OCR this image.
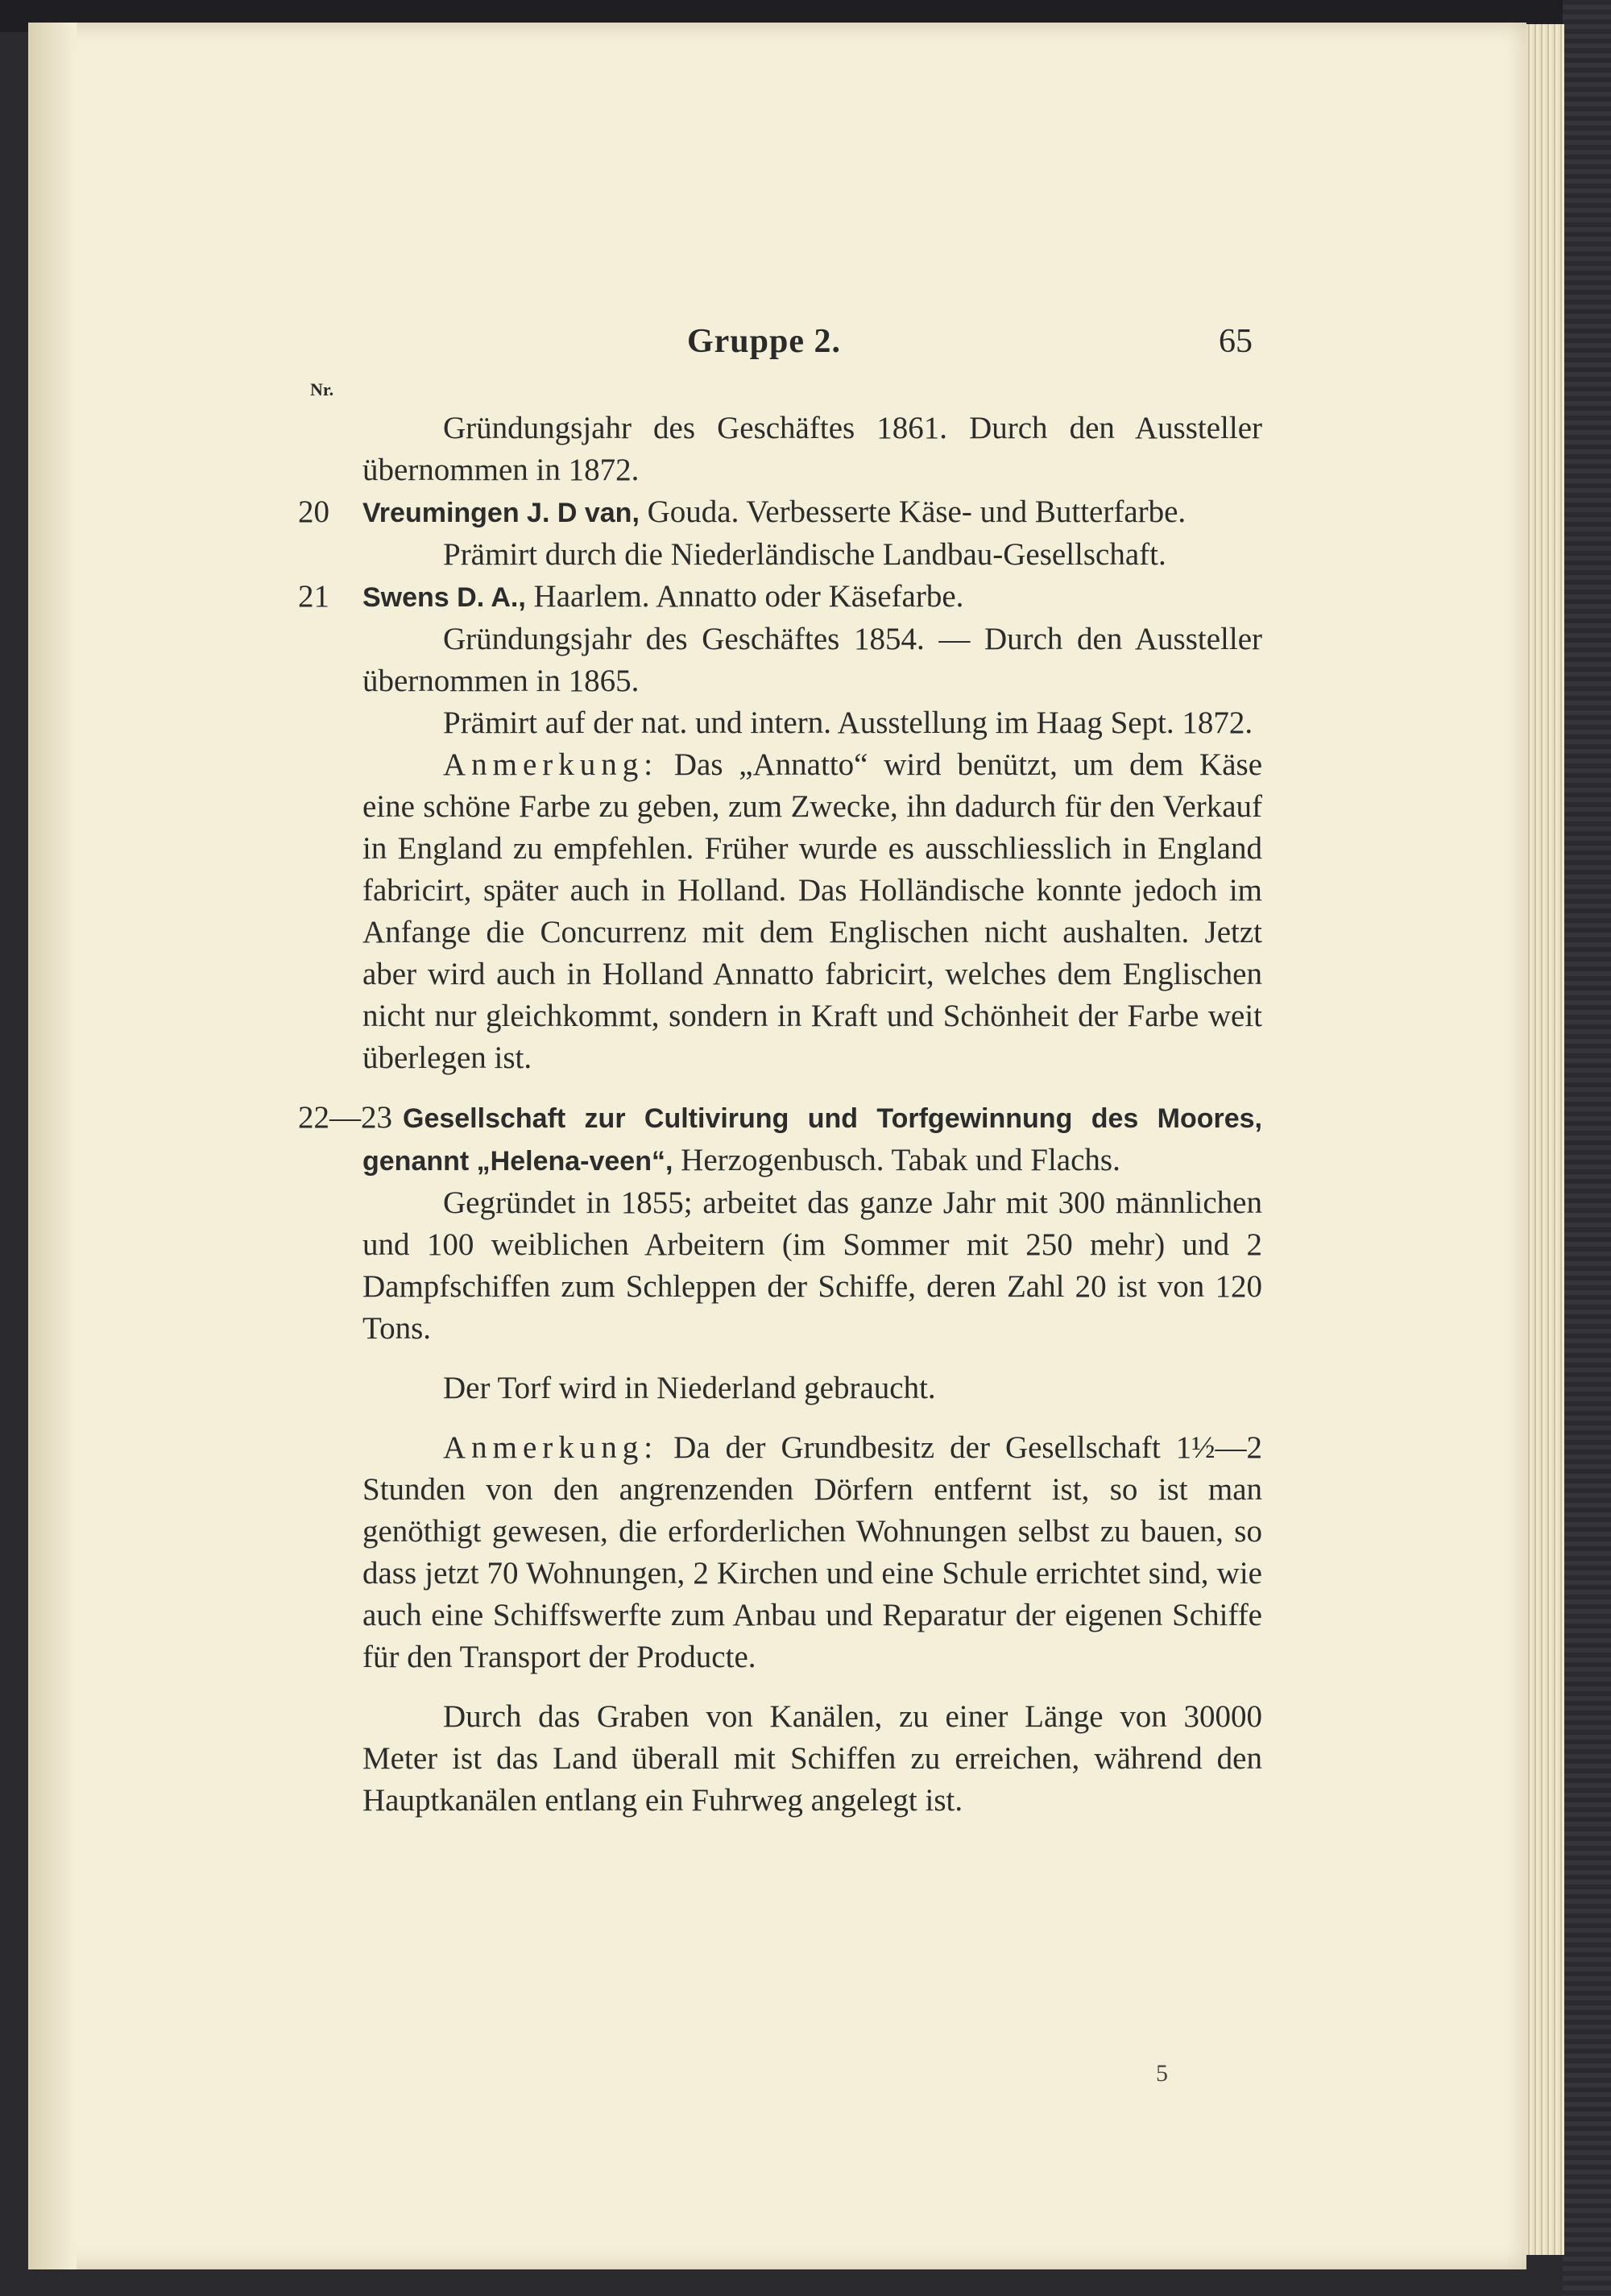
Gruppe 2.	65
Nr.

Gründungsjahr des Geschäftes 1861. Durch den Aussteller übernommen in 1872.

20 Vreumingen J. D van, Gouda. Verbesserte Käse- und Butterfarbe.

Prämirt durch die Niederländische Landbau-Gesellschaft.

21 Swens D. A., Haarlem. Annatto oder Käsefarbe.

Gründungsjahr des Geschäftes 1854. — Durch den Aussteller übernommen in 1865.

Prämirt auf der nat. und intern. Ausstellung im Haag Sept. 1872.

Anmerkung: Das „Annatto“ wird benützt, um dem Käse eine schöne Farbe zu geben, zum Zwecke, ihn dadurch für den Verkauf in England zu empfehlen. Früher wurde es ausschliesslich in England fabricirt, später auch in Holland. Das Holländische konnte jedoch im Anfange die Concurrenz mit dem Englischen nicht aushalten. Jetzt aber wird auch in Holland Annatto fabricirt, welches dem Englischen nicht nur gleichkommt, sondern in Kraft und Schönheit der Farbe weit überlegen ist.

22—23 Gesellschaft zur Cultivirung und Torfgewinnung des Moores, genannt „Helena-veen“, Herzogenbusch. Tabak und Flachs.

Gegründet in 1855; arbeitet das ganze Jahr mit 300 männlichen und 100 weiblichen Arbeitern (im Sommer mit 250 mehr) und 2 Dampfschiffen zum Schleppen der Schiffe, deren Zahl 20 ist von 120 Tons.

Der Torf wird in Niederland gebraucht.

Anmerkung: Da der Grundbesitz der Gesellschaft 1½—2 Stunden von den angrenzenden Dörfern entfernt ist, so ist man genöthigt gewesen, die erforderlichen Wohnungen selbst zu bauen, so dass jetzt 70 Wohnungen, 2 Kirchen und eine Schule errichtet sind, wie auch eine Schiffswerfte zum Anbau und Reparatur der eigenen Schiffe für den Transport der Producte.

Durch das Graben von Kanälen, zu einer Länge von 30000 Meter ist das Land überall mit Schiffen zu erreichen, während den Hauptkanälen entlang ein Fuhrweg angelegt ist.

5
